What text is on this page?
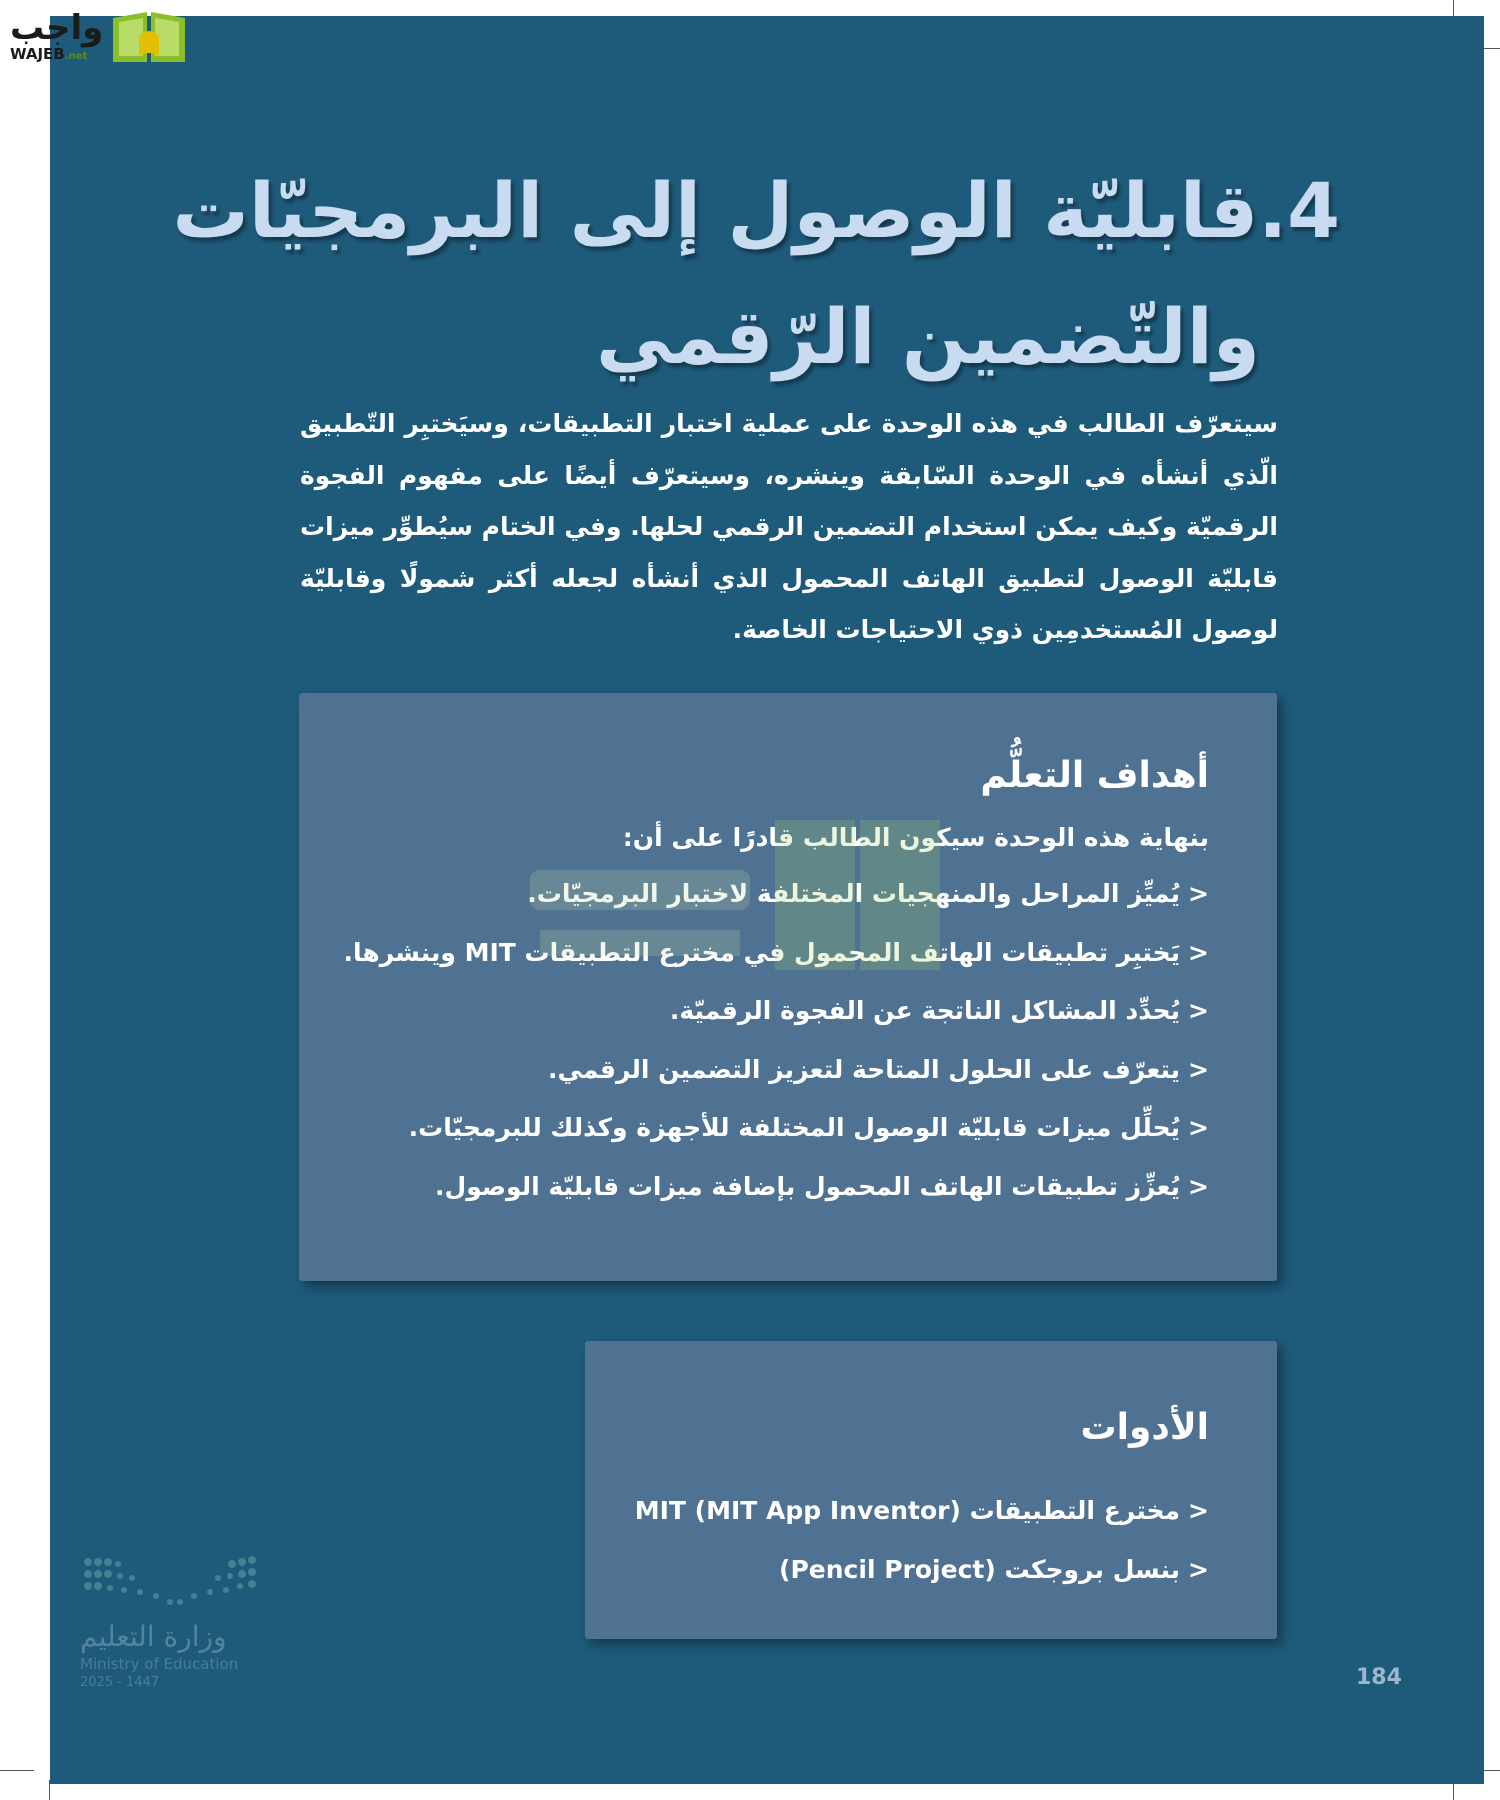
واجب
WAJEB.net
4.قابليّة الوصول إلى البرمجيّات
والتّضمين الرّقمي

سيتعرّف الطالب في هذه الوحدة على عملية اختبار التطبيقات، وسيَختبِر التّطبيق الّذي أنشأه في الوحدة السّابقة وينشره، وسيتعرّف أيضًا على مفهوم الفجوة الرقميّة وكيف يمكن استخدام التضمين الرقمي لحلها. وفي الختام سيُطوِّر ميزات قابليّة الوصول لتطبيق الهاتف المحمول الذي أنشأه لجعله أكثر شمولًا وقابليّة لوصول المُستخدمِين ذوي الاحتياجات الخاصة.

أهداف التعلُّم
بنهاية هذه الوحدة سيكون الطالب قادرًا على أن:
<يُميِّز المراحل والمنهجيات المختلفة لاختبار البرمجيّات.
<يَختبِر تطبيقات الهاتف المحمول في مخترع التطبيقات MIT وينشرها.
<يُحدِّد المشاكل الناتجة عن الفجوة الرقميّة.
<يتعرّف على الحلول المتاحة لتعزيز التضمين الرقمي.
<يُحلِّل ميزات قابليّة الوصول المختلفة للأجهزة وكذلك للبرمجيّات.
<يُعزِّز تطبيقات الهاتف المحمول بإضافة ميزات قابليّة الوصول.
الأدوات
<مخترع التطبيقات MIT (MIT App Inventor)
<بنسل بروجكت (Pencil Project)
وزارة التعليم
Ministry of Education
2025 - 1447	184
